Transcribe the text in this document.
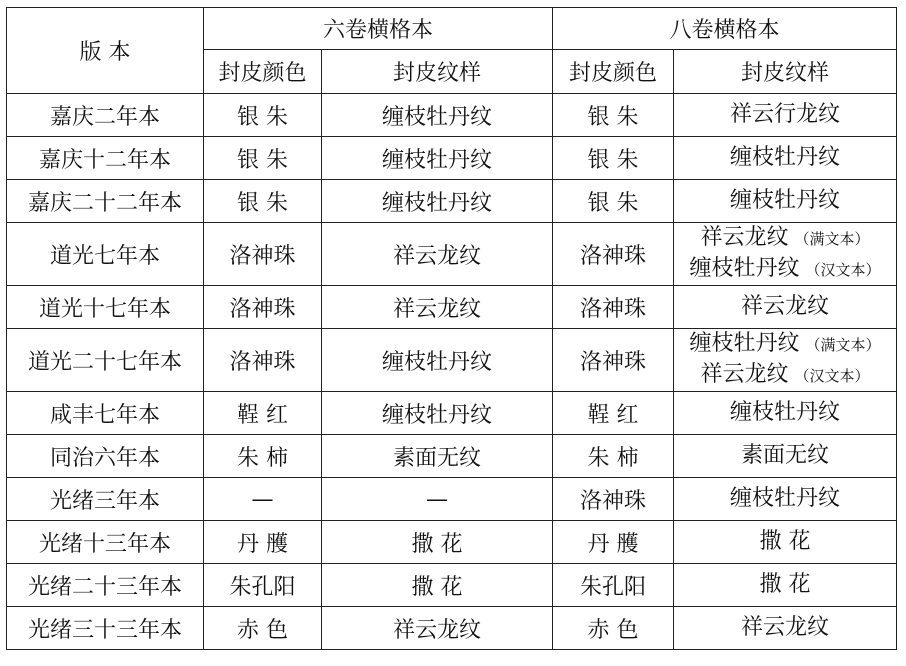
版 本	六卷横格本		八卷横格本	
	封皮颜色	封皮纹样	封皮颜色	封皮纹样
嘉庆二年本	银 朱	缠枝牡丹纹	银 朱	祥云行龙纹

嘉庆十二年本	银 朱	缠枝牡丹纹	银 朱	缠枝牡丹纹

嘉庆二十二年本	银 朱	缠枝牡丹纹	银 朱	缠枝牡丹纹

道光七年本	洛神珠	祥云龙纹	洛神珠	祥云龙纹 （满文本）
缠枝牡丹纹 （汉文本）

道光十七年本	洛神珠	祥云龙纹	洛神珠	祥云龙纹

道光二十七年本	洛神珠	缠枝牡丹纹	洛神珠	缠枝牡丹纹 （满文本）
祥云龙纹 （汉文本）

咸丰七年本	鞓 红	缠枝牡丹纹	鞓 红	缠枝牡丹纹

同治六年本	朱 柿	素面无纹	朱 柿	素面无纹

光绪三年本	—	—	洛神珠	缠枝牡丹纹

光绪十三年本	丹 雘	撒 花	丹 雘	撒 花

光绪二十三年本	朱孔阳	撒 花	朱孔阳	撒 花

光绪三十三年本	赤 色	祥云龙纹	赤 色	祥云龙纹
